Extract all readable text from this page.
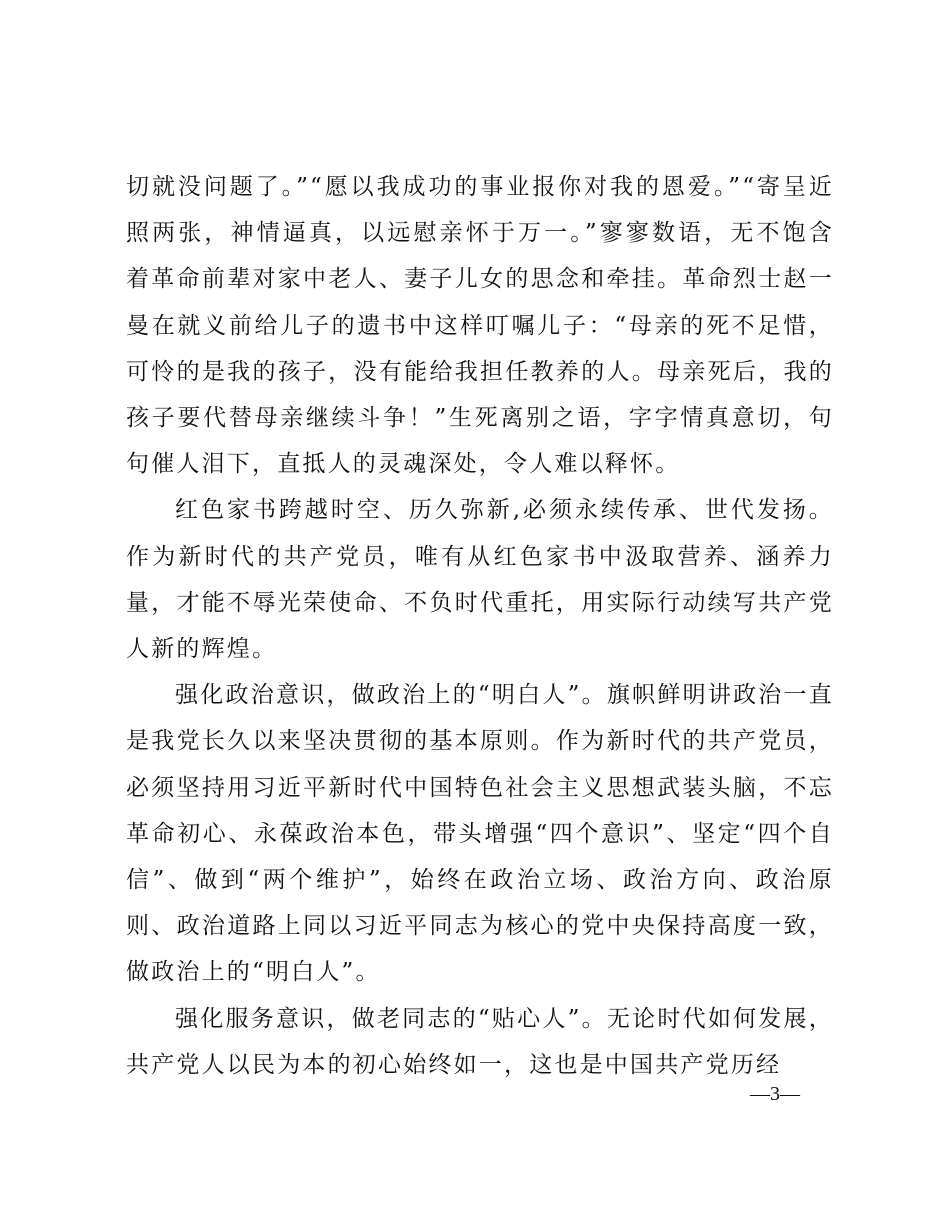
切就没问题了。”“愿以我成功的事业报你对我的恩爱。”“寄呈近照两张，神情逼真，以远慰亲怀于万一。”寥寥数语，无不饱含着革命前辈对家中老人、妻子儿女的思念和牵挂。革命烈士赵一曼在就义前给儿子的遗书中这样叮嘱儿子：“母亲的死不足惜，可怜的是我的孩子，没有能给我担任教养的人。母亲死后，我的孩子要代替母亲继续斗争！”生死离别之语，字字情真意切，句句催人泪下，直抵人的灵魂深处，令人难以释怀。

红色家书跨越时空、历久弥新,必须永续传承、世代发扬。作为新时代的共产党员，唯有从红色家书中汲取营养、涵养力量，才能不辱光荣使命、不负时代重托，用实际行动续写共产党人新的辉煌。

强化政治意识，做政治上的“明白人”。旗帜鲜明讲政治一直是我党长久以来坚决贯彻的基本原则。作为新时代的共产党员，必须坚持用习近平新时代中国特色社会主义思想武装头脑，不忘革命初心、永葆政治本色，带头增强“四个意识”、坚定“四个自信”、做到“两个维护”，始终在政治立场、政治方向、政治原则、政治道路上同以习近平同志为核心的党中央保持高度一致，做政治上的“明白人”。

强化服务意识，做老同志的“贴心人”。无论时代如何发展，共产党人以民为本的初心始终如一，这也是中国共产党历经

—3—
